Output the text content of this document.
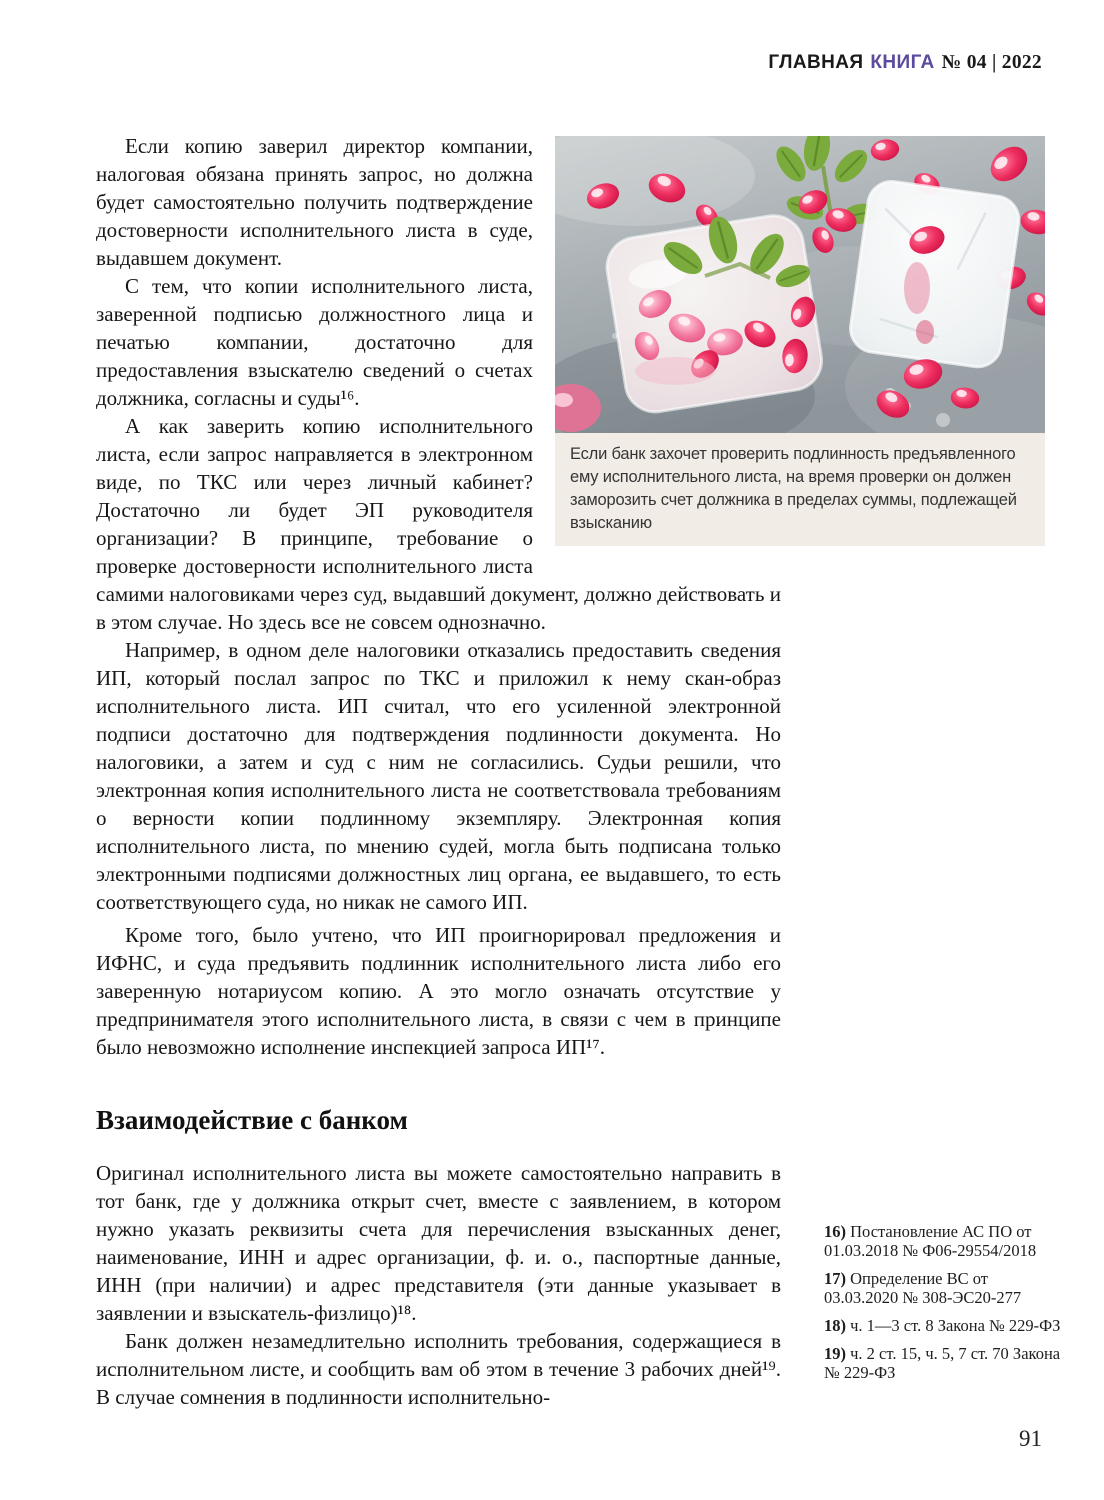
ГЛАВНАЯ КНИГА № 04 | 2022
Если банк захочет проверить подлинность предъявленного ему исполнительного листа, на время проверки он должен заморозить счет должника в пределах суммы, подлежащей взысканию

Если копию заверил директор компании, налоговая обязана принять запрос, но должна будет самостоятельно получить подтверждение достоверности исполнительного листа в суде, выдавшем документ.

С тем, что копии исполнительного листа, заверенной подписью должностного лица и печатью компании, достаточно для предоставления взыскателю сведений о счетах должника, согласны и суды¹⁶.

А как заверить копию исполнительного листа, если запрос направляется в электронном виде, по ТКС или через личный кабинет? Достаточно ли будет ЭП руководителя организации? В принципе, требование о проверке достоверности исполнительного листа самими налоговиками через суд, выдавший документ, должно действовать и в этом случае. Но здесь все не совсем однозначно.

Например, в одном деле налоговики отказались предоставить сведения ИП, который послал запрос по ТКС и приложил к нему скан-образ исполнительного листа. ИП считал, что его усиленной электронной подписи достаточно для подтверждения подлинности документа. Но налоговики, а затем и суд с ним не согласились. Судьи решили, что электронная копия исполнительного листа не соответствовала требованиям о верности копии подлинному экземпляру. Электронная копия исполнительного листа, по мнению судей, могла быть подписана только электронными подписями должностных лиц органа, ее выдавшего, то есть соответствующего суда, но никак не самого ИП.

Кроме того, было учтено, что ИП проигнорировал предложения и ИФНС, и суда предъявить подлинник исполнительного листа либо его заверенную нотариусом копию. А это могло означать отсутствие у предпринимателя этого исполнительного листа, в связи с чем в принципе было невозможно исполнение инспекцией запроса ИП¹⁷.

Взаимодействие с банком

Оригинал исполнительного листа вы можете самостоятельно направить в тот банк, где у должника открыт счет, вместе с заявлением, в котором нужно указать реквизиты счета для перечисления взысканных денег, наименование, ИНН и адрес организации, ф. и. о., паспортные данные, ИНН (при наличии) и адрес представителя (эти данные указывает в заявлении и взыскатель-физлицо)¹⁸.

Банк должен незамедлительно исполнить требования, содержащиеся в исполнительном листе, и сообщить вам об этом в течение 3 рабочих дней¹⁹. В случае сомнения в подлинности исполнительно-

16) Постановление АС ПО от 01.03.2018 № Ф06-29554/2018
17) Определение ВС от 03.03.2020 № 308-ЭС20-277
18) ч. 1—3 ст. 8 Закона № 229-ФЗ
19) ч. 2 ст. 15, ч. 5, 7 ст. 70 Закона № 229-ФЗ
91
